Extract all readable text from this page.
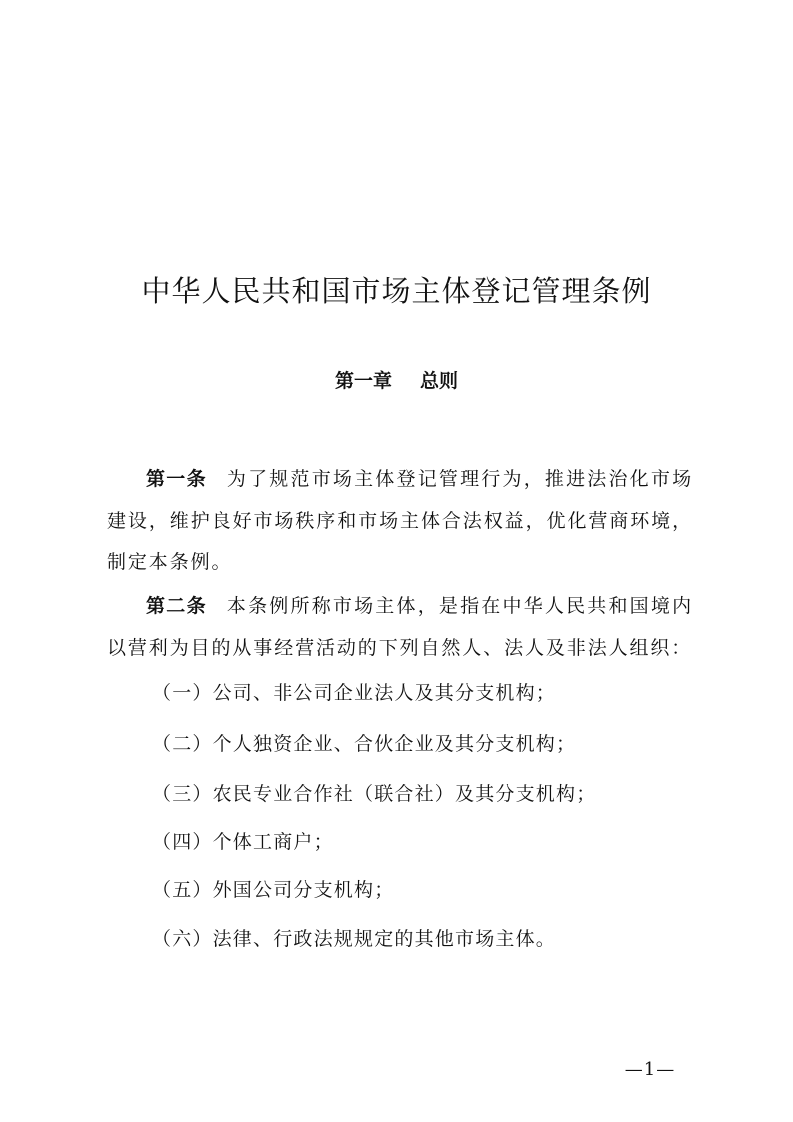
中华人民共和国市场主体登记管理条例
第一章 总则

第一条 为了规范市场主体登记管理行为，推进法治化市场建设，维护良好市场秩序和市场主体合法权益，优化营商环境，制定本条例。

第二条 本条例所称市场主体，是指在中华人民共和国境内以营利为目的从事经营活动的下列自然人、法人及非法人组织：

（一）公司、非公司企业法人及其分支机构；
（二）个人独资企业、合伙企业及其分支机构；
（三）农民专业合作社（联合社）及其分支机构；
（四）个体工商户；
（五）外国公司分支机构；
（六）法律、行政法规规定的其他市场主体。
—1—
